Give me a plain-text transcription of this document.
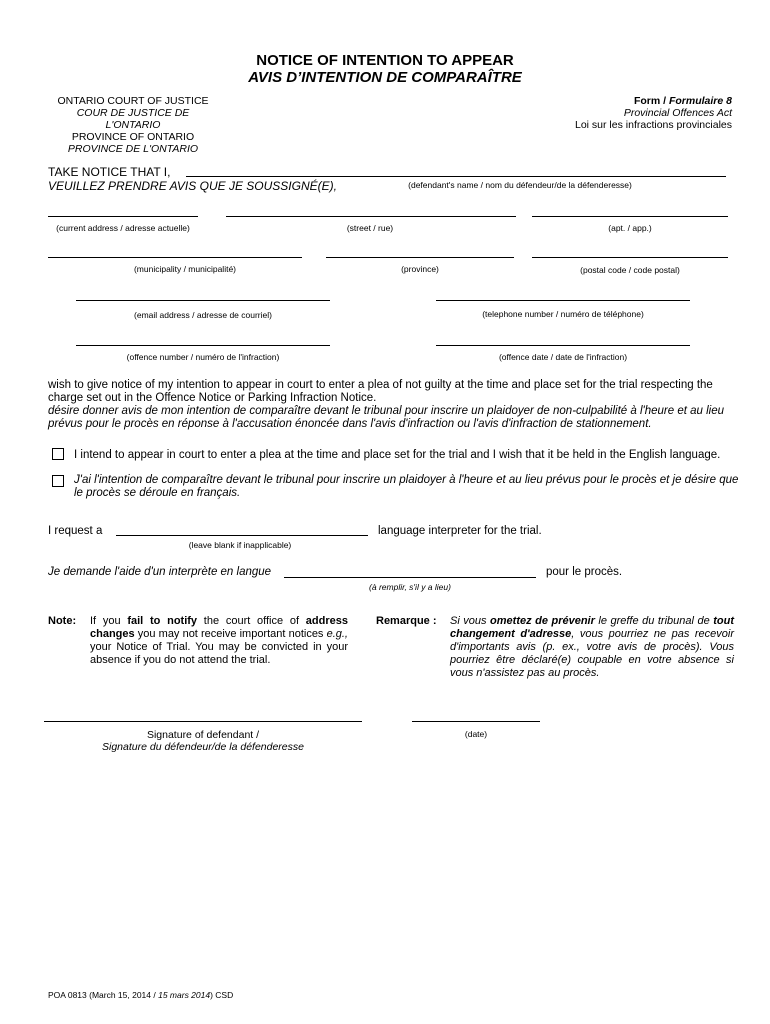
NOTICE OF INTENTION TO APPEAR
AVIS D’INTENTION DE COMPARAÎTRE
ONTARIO COURT OF JUSTICE
COUR DE JUSTICE DE L'ONTARIO
PROVINCE OF ONTARIO
PROVINCE DE L'ONTARIO
Form / Formulaire 8
Provincial Offences Act
Loi sur les infractions provinciales
TAKE NOTICE THAT I,
VEUILLEZ PRENDRE AVIS QUE JE SOUSSIGNÉ(E),	(defendant's name / nom du défendeur/de la défenderesse)
(current address / adresse actuelle)	(street / rue)	(apt. / app.)
(municipality / municipalité)	(province)	(postal code / code postal)
(email address / adresse de courriel)	(telephone number / numéro de téléphone)
(offence number / numéro de l'infraction)	(offence date / date de l'infraction)
wish to give notice of my intention to appear in court to enter a plea of not guilty at the time and place set for the trial respecting the charge set out in the Offence Notice or Parking Infraction Notice.
désire donner avis de mon intention de comparaître devant le tribunal pour inscrire un plaidoyer de non-culpabilité à l'heure et au lieu prévus pour le procès en réponse à l'accusation énoncée dans l'avis d'infraction ou l'avis d'infraction de stationnement.
I intend to appear in court to enter a plea at the time and place set for the trial and I wish that it be held in the English language.
J'ai l'intention de comparaître devant le tribunal pour inscrire un plaidoyer à l'heure et au lieu prévus pour le procès et je désire que le procès se déroule en français.
I request a	language interpreter for the trial.
(leave blank if inapplicable)
Je demande l'aide d'un interprète en langue	pour le procès.
(à remplir, s'il y a lieu)
Note: If you fail to notify the court office of address changes you may not receive important notices e.g., your Notice of Trial. You may be convicted in your absence if you do not attend the trial.
Remarque : Si vous omettez de prévenir le greffe du tribunal de tout changement d'adresse, vous pourriez ne pas recevoir d'importants avis (p. ex., votre avis de procès). Vous pourriez être déclaré(e) coupable en votre absence si vous n'assistez pas au procès.
Signature of defendant /
Signature du défendeur/de la défenderesse
(date)
POA 0813 (March 15, 2014 / 15 mars 2014) CSD
